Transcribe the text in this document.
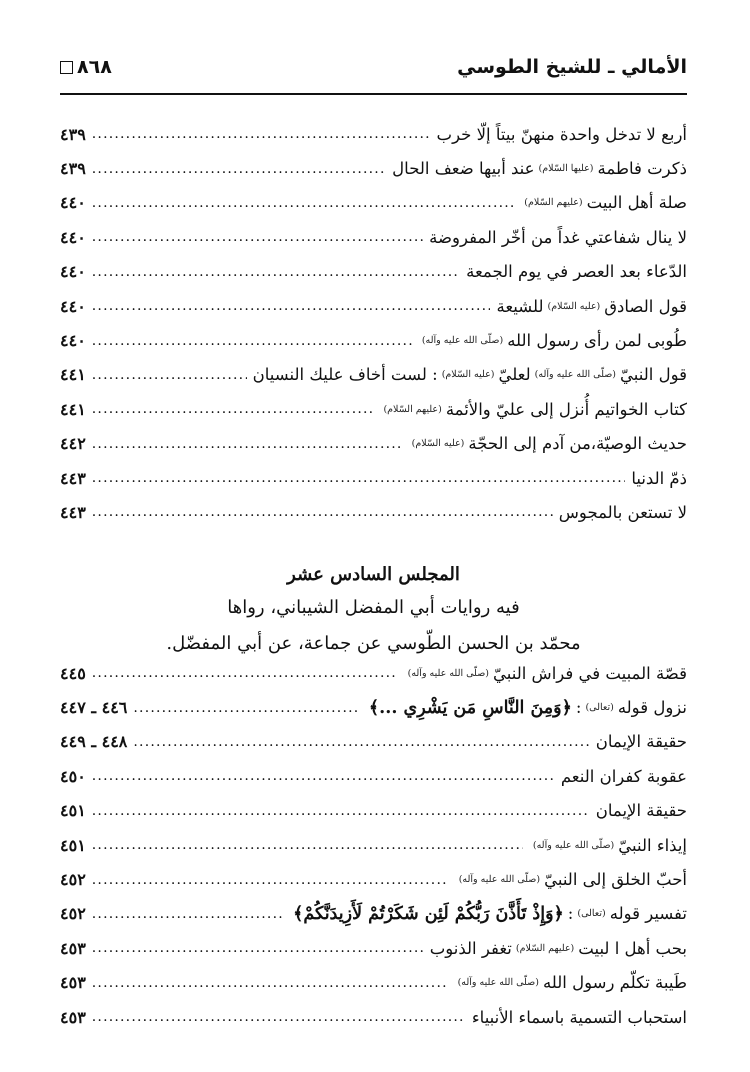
الأمالي ـ للشيخ الطوسي
٨٦٨
أربع لا تدخل واحدة منهنّ بيتاً إلّا خرب
.....
٤٣٩
ذكرت فاطمة
(عليها السّلام)
عند أبيها ضعف الحال
.....
٤٣٩
صلة أهل البيت
(عليهم السّلام)
.....
٤٤٠
لا ينال شفاعتي غداً من أخّر المفروضة
.....
٤٤٠
الدّعاء بعد العصر في يوم الجمعة
.....
٤٤٠
قول الصادق
(عليه السّلام)
للشيعة
.....
٤٤٠
طُوبى لمن رأى رسول الله
(صلّى الله عليه وآله)
.....
٤٤٠
قول النبيّ
(صلّى الله عليه وآله)
لعليّ
(عليه السّلام)
: لست أخاف عليك النسيان
.....
٤٤١
كتاب الخواتيم أُنزل إلى عليّ والأئمة
(عليهم السّلام)
.....
٤٤١
حديث الوصيّة،من آدم إلى الحجّة
(عليه السّلام)
.....
٤٤٢
ذمّ الدنيا
.....
٤٤٣
لا تستعن بالمجوس
.....
٤٤٣
المجلس السادس عشر
فيه روايات أبي المفضل الشيباني، رواها
محمّد بن الحسن الطّوسي عن جماعة، عن أبي المفضّل.
قصّة المبيت في فراش النبيّ
(صلّى الله عليه وآله)
.....
٤٤٥
نزول قوله
(تعالى)
:
﴿وَمِنَ النَّاسِ مَن يَشْرِي ...﴾
.....
٤٤٦ ـ ٤٤٧
حقيقة الإيمان
.....
٤٤٨ ـ ٤٤٩
عقوبة كفران النعم
.....
٤٥٠
حقيقة الإيمان
.....
٤٥١
إيذاء النبيّ
(صلّى الله عليه وآله)
.....
٤٥١
أحبّ الخلق إلى النبيّ
(صلّى الله عليه وآله)
.....
٤٥٢
تفسير قوله
(تعالى)
:
﴿وَإِذْ تَأَذَّنَ رَبُّكُمْ لَئِن شَكَرْتُمْ لَأَزِيدَنَّكُمْ﴾
.....
٤٥٢
بحب أهل ا لبيت
(عليهم السّلام)
تغفر الذنوب
.....
٤٥٣
طَيبة تكلّم رسول الله
(صلّى الله عليه وآله)
.....
٤٥٣
استحباب التسمية باسماء الأنبياء
.....
٤٥٣
